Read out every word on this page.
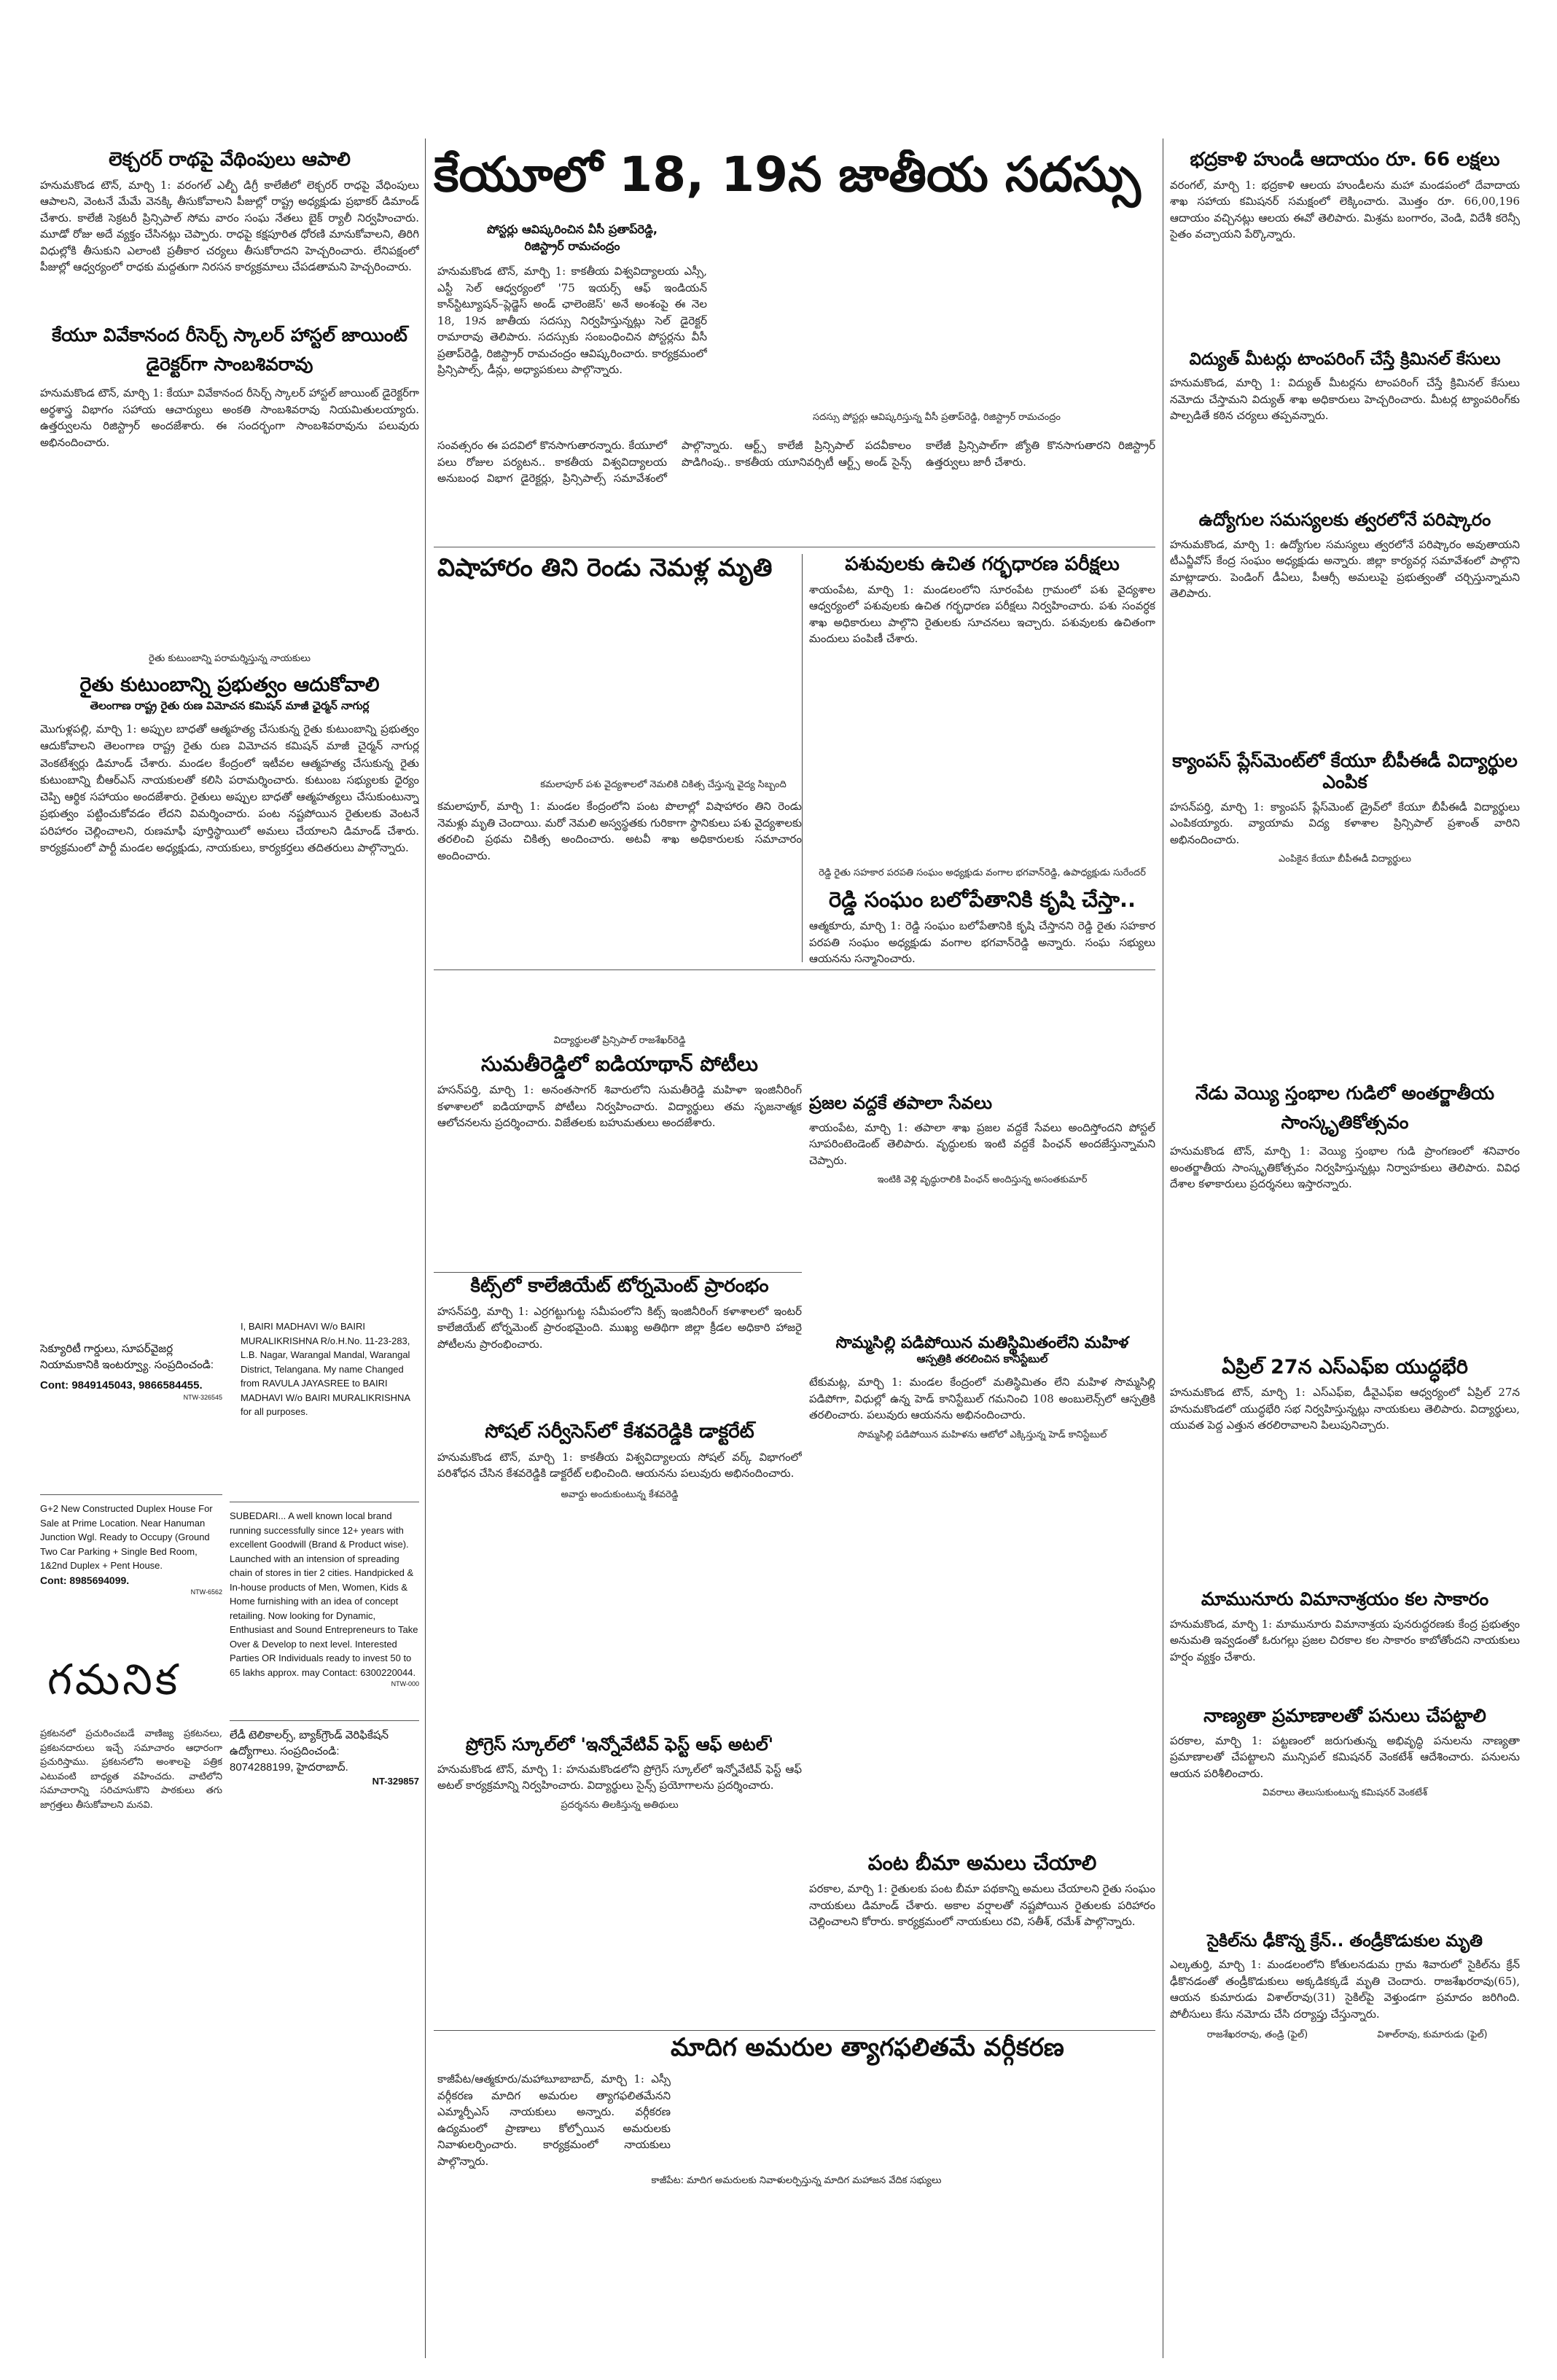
లెక్చరర్ రాథపై వేథింపులు ఆపాలి
హనుమకొండ టౌన్, మార్చి 1: వరంగల్ ఎల్బీ డిగ్రీ కాలేజీలో లెక్చరర్ రాధపై వేధింపులు ఆపాలని, వెంటనే మేమే వెనక్కి తీసుకోవాలని పీజుల్లో రాష్ట్ర అధ్యక్షుడు ప్రభాకర్ డిమాండ్ చేశారు. కాలేజీ సెక్రటరీ ప్రిన్సిపాల్ సోమ వారం సంఘ నేతలు బైక్ ర్యాలీ నిర్వహించారు. మూడో రోజు అదే వ్యక్తం చేసినట్లు చెప్పారు. రాధపై కక్షపూరిత ధోరణి మానుకోవాలని, తిరిగి విధుల్లోకి తీసుకుని ఎలాంటి ప్రతీకార చర్యలు తీసుకోరాదని హెచ్చరించారు. లేనిపక్షంలో పీజుల్లో ఆధ్వర్యంలో రాధకు మద్దతుగా నిరసన కార్యక్రమాలు చేపడతామని హెచ్చరించారు.
కేయూ వివేకానంద రీసెర్చ్ స్కాలర్ హాస్టల్ జాయింట్ డైరెక్టర్‌గా సాంబశివరావు
హనుమకొండ టౌన్, మార్చి 1: కేయూ వివేకానంద రీసెర్చ్ స్కాలర్ హాస్టల్ జాయింట్ డైరెక్టర్‌గా అర్థశాస్త్ర విభాగం సహాయ ఆచార్యులు అంకతి సాంబశివరావు నియమితులయ్యారు. ఉత్తర్వులను రిజిస్ట్రార్ అందజేశారు. ఈ సందర్భంగా సాంబశివరావును పలువురు అభినందించారు.
రైతు కుటుంబాన్ని పరామర్శిస్తున్న నాయకులు
రైతు కుటుంబాన్ని ప్రభుత్వం ఆదుకోవాలి
తెలంగాణ రాష్ట్ర రైతు రుణ విమోచన కమిషన్ మాజీ ఛైర్మన్ నాగుర్ల
మొగుళ్లపల్లి, మార్చి 1: అప్పుల బాధతో ఆత్మహత్య చేసుకున్న రైతు కుటుంబాన్ని ప్రభుత్వం ఆదుకోవాలని తెలంగాణ రాష్ట్ర రైతు రుణ విమోచన కమిషన్ మాజీ చైర్మన్ నాగుర్ల వెంకటేశ్వర్లు డిమాండ్ చేశారు. మండల కేంద్రంలో ఇటీవల ఆత్మహత్య చేసుకున్న రైతు కుటుంబాన్ని బీఆర్ఎస్ నాయకులతో కలిసి పరామర్శించారు. కుటుంబ సభ్యులకు ధైర్యం చెప్పి ఆర్థిక సహాయం అందజేశారు. రైతులు అప్పుల బాధతో ఆత్మహత్యలు చేసుకుంటున్నా ప్రభుత్వం పట్టించుకోవడం లేదని విమర్శించారు. పంట నష్టపోయిన రైతులకు వెంటనే పరిహారం చెల్లించాలని, రుణమాఫీ పూర్తిస్థాయిలో అమలు చేయాలని డిమాండ్ చేశారు. కార్యక్రమంలో పార్టీ మండల అధ్యక్షుడు, నాయకులు, కార్యకర్తలు తదితరులు పాల్గొన్నారు.
సెక్యూరిటీ గార్డులు, సూపర్‌వైజర్ల నియామకానికి ఇంటర్వ్యూ. సంప్రదించండి:
Cont: 9849145043, 9866584455.
NTW-326545
G+2 New Constructed Duplex House For Sale at Prime Location. Near Hanuman Junction Wgl. Ready to Occupy (Ground Two Car Parking + Single Bed Room, 1&2nd Duplex + Pent House.
Cont: 8985694099.
NTW-6562
గమనిక
ప్రకటనలో ప్రచురించబడే వాణిజ్య ప్రకటనలు, ప్రకటనదారులు ఇచ్చే సమాచారం ఆధారంగా ప్రచురిస్తాము. ప్రకటనలోని అంశాలపై పత్రిక ఎటువంటి బాధ్యత వహించదు. వాటిలోని సమాచారాన్ని సరిచూసుకొని పాఠకులు తగు జాగ్రత్తలు తీసుకోవాలని మనవి.
I, BAIRI MADHAVI W/o BAIRI MURALIKRISHNA R/o.H.No. 11-23-283, L.B. Nagar, Warangal Mandal, Warangal District, Telangana. My name Changed from RAVULA JAYASREE to BAIRI MADHAVI W/o BAIRI MURALIKRISHNA for all purposes.
SUBEDARI... A well known local brand running successfully since 12+ years with excellent Goodwill (Brand & Product wise). Launched with an intension of spreading chain of stores in tier 2 cities. Handpicked & In-house products of Men, Women, Kids & Home furnishing with an idea of concept retailing. Now looking for Dynamic, Enthusiast and Sound Entrepreneurs to Take Over & Develop to next level. Interested Parties OR Individuals ready to invest 50 to 65 lakhs approx. may Contact: 6300220044.
NTW-000
లేడీ టెలికాలర్స్, బ్యాక్‌గ్రౌండ్ వెరిఫికేషన్ ఉద్యోగాలు. సంప్రదించండి:
8074288199, హైదరాబాద్.
NT-329857
కేయూలో 18, 19న జాతీయ సదస్సు
పోస్టర్లు ఆవిష్కరించిన వీసీ ప్రతాప్‌రెడ్డి,
రిజిస్ట్రార్ రామచంద్రం
హనుమకొండ టౌన్, మార్చి 1: కాకతీయ విశ్వవిద్యాలయ ఎస్సీ, ఎస్టీ సెల్ ఆధ్వర్యంలో '75 ఇయర్స్ ఆఫ్ ఇండియన్ కాన్‌స్టిట్యూషన్–ప్లెడ్జెస్ అండ్ ఛాలెంజెస్' అనే అంశంపై ఈ నెల 18, 19న జాతీయ సదస్సు నిర్వహిస్తున్నట్లు సెల్ డైరెక్టర్ రామారావు తెలిపారు. సదస్సుకు సంబంధించిన పోస్టర్లను వీసీ ప్రతాప్‌రెడ్డి, రిజిస్ట్రార్ రామచంద్రం ఆవిష్కరించారు. కార్యక్రమంలో ప్రిన్సిపాల్స్, డీన్లు, అధ్యాపకులు పాల్గొన్నారు.
సదస్సు పోస్టర్లు ఆవిష్కరిస్తున్న వీసీ ప్రతాప్‌రెడ్డి, రిజిస్ట్రార్ రామచంద్రం
సంవత్సరం ఈ పదవిలో కొనసాగుతారన్నారు. కేయూలో పలు రోజుల పర్యటన.. కాకతీయ విశ్వవిద్యాలయ అనుబంధ విభాగ డైరెక్టర్లు, ప్రిన్సిపాల్స్ సమావేశంలో పాల్గొన్నారు. ఆర్ట్స్ కాలేజీ ప్రిన్సిపాల్ పదవీకాలం పొడిగింపు.. కాకతీయ యూనివర్సిటీ ఆర్ట్స్ అండ్ సైన్స్ కాలేజీ ప్రిన్సిపాల్‌గా జ్యోతి కొనసాగుతారని రిజిస్ట్రార్ ఉత్తర్వులు జారీ చేశారు.
విషాహారం తిని రెండు నెమళ్ల మృతి
కమలాపూర్ పశు వైద్యశాలలో నెమలికి చికిత్స చేస్తున్న వైద్య సిబ్బంది
కమలాపూర్, మార్చి 1: మండల కేంద్రంలోని పంట పొలాల్లో విషాహారం తిని రెండు నెమళ్లు మృతి చెందాయి. మరో నెమలి అస్వస్థతకు గురికాగా స్థానికులు పశు వైద్యశాలకు తరలించి ప్రథమ చికిత్స అందించారు. అటవీ శాఖ అధికారులకు సమాచారం అందించారు.
పశువులకు ఉచిత గర్భధారణ పరీక్షలు
శాయంపేట, మార్చి 1: మండలంలోని సూరంపేట గ్రామంలో పశు వైద్యశాల ఆధ్వర్యంలో పశువులకు ఉచిత గర్భధారణ పరీక్షలు నిర్వహించారు. పశు సంవర్ధక శాఖ అధికారులు పాల్గొని రైతులకు సూచనలు ఇచ్చారు. పశువులకు ఉచితంగా మందులు పంపిణీ చేశారు.
రెడ్డి రైతు సహకార పరపతి సంఘం అధ్యక్షుడు వంగాల భగవాన్‌రెడ్డి, ఉపాధ్యక్షుడు సురేందర్
రెడ్డి సంఘం బలోపేతానికి కృషి చేస్తా..
ఆత్మకూరు, మార్చి 1: రెడ్డి సంఘం బలోపేతానికి కృషి చేస్తానని రెడ్డి రైతు సహకార పరపతి సంఘం అధ్యక్షుడు వంగాల భగవాన్‌రెడ్డి అన్నారు. సంఘ సభ్యులు ఆయనను సన్మానించారు.
విద్యార్థులతో ప్రిన్సిపాల్ రాజశేఖర్‌రెడ్డి
సుమతీరెడ్డిలో ఐడియాథాన్ పోటీలు
హసన్‌పర్తి, మార్చి 1: అనంతసాగర్ శివారులోని సుమతీరెడ్డి మహిళా ఇంజినీరింగ్ కళాశాలలో ఐడియాథాన్ పోటీలు నిర్వహించారు. విద్యార్థులు తమ సృజనాత్మక ఆలోచనలను ప్రదర్శించారు. విజేతలకు బహుమతులు అందజేశారు.
ప్రజల వద్దకే తపాలా సేవలు
శాయంపేట, మార్చి 1: తపాలా శాఖ ప్రజల వద్దకే సేవలు అందిస్తోందని పోస్టల్ సూపరింటెండెంట్ తెలిపారు. వృద్ధులకు ఇంటి వద్దకే పింఛన్ అందజేస్తున్నామని చెప్పారు.
ఇంటికి వెళ్లి వృద్ధురాలికి పింఛన్ అందిస్తున్న అసంతకుమార్
కిట్స్‌లో కాలేజియేట్ టోర్నమెంట్ ప్రారంభం
హసన్‌పర్తి, మార్చి 1: ఎర్రగట్టుగుట్ట సమీపంలోని కిట్స్ ఇంజినీరింగ్ కళాశాలలో ఇంటర్ కాలేజియేట్ టోర్నమెంట్ ప్రారంభమైంది. ముఖ్య అతిథిగా జిల్లా క్రీడల అధికారి హాజరై పోటీలను ప్రారంభించారు.
సోషల్ సర్వీసెస్‌లో కేశవరెడ్డికి డాక్టరేట్
హనుమకొండ టౌన్, మార్చి 1: కాకతీయ విశ్వవిద్యాలయ సోషల్ వర్క్ విభాగంలో పరిశోధన చేసిన కేశవరెడ్డికి డాక్టరేట్ లభించింది. ఆయనను పలువురు అభినందించారు.
అవార్డు అందుకుంటున్న కేశవరెడ్డి
సొమ్మసిల్లి పడిపోయిన మతిస్థిమితంలేని మహిళ
ఆస్పత్రికి తరలించిన కానిస్టేబుల్
టేకుమట్ల, మార్చి 1: మండల కేంద్రంలో మతిస్థిమితం లేని మహిళ సొమ్మసిల్లి పడిపోగా, విధుల్లో ఉన్న హెడ్ కానిస్టేబుల్ గమనించి 108 అంబులెన్స్‌లో ఆస్పత్రికి తరలించారు. పలువురు ఆయనను అభినందించారు.
సొమ్మసిల్లి పడిపోయిన మహిళను ఆటోలో ఎక్కిస్తున్న హెడ్ కానిస్టేబుల్
ప్రోగ్రెస్ స్కూల్‌లో 'ఇన్నోవేటివ్ ఫెస్ట్ ఆఫ్ అటల్'
హనుమకొండ టౌన్, మార్చి 1: హనుమకొండలోని ప్రోగ్రెస్ స్కూల్‌లో ఇన్నోవేటివ్ ఫెస్ట్ ఆఫ్ అటల్ కార్యక్రమాన్ని నిర్వహించారు. విద్యార్థులు సైన్స్ ప్రయోగాలను ప్రదర్శించారు.
ప్రదర్శనను తిలకిస్తున్న అతిథులు
పంట బీమా అమలు చేయాలి
పరకాల, మార్చి 1: రైతులకు పంట బీమా పథకాన్ని అమలు చేయాలని రైతు సంఘం నాయకులు డిమాండ్ చేశారు. అకాల వర్షాలతో నష్టపోయిన రైతులకు పరిహారం చెల్లించాలని కోరారు. కార్యక్రమంలో నాయకులు రవి, సతీశ్, రమేశ్ పాల్గొన్నారు.
మాదిగ అమరుల త్యాగఫలితమే వర్గీకరణ
కాజీపేట/ఆత్మకూరు/మహాబూబాబాద్, మార్చి 1: ఎస్సీ వర్గీకరణ మాదిగ అమరుల త్యాగఫలితమేనని ఎమ్మార్పీఎస్ నాయకులు అన్నారు. వర్గీకరణ ఉద్యమంలో ప్రాణాలు కోల్పోయిన అమరులకు నివాళులర్పించారు. కార్యక్రమంలో నాయకులు పాల్గొన్నారు.
కాజీపేట: మాదిగ అమరులకు నివాళులర్పిస్తున్న మాదిగ మహాజన వేదిక సభ్యులు
భద్రకాళి హుండీ ఆదాయం రూ. 66 లక్షలు
వరంగల్, మార్చి 1: భద్రకాళి ఆలయ హుండీలను మహా మండపంలో దేవాదాయ శాఖ సహాయ కమిషనర్ సమక్షంలో లెక్కించారు. మొత్తం రూ. 66,00,196 ఆదాయం వచ్చినట్లు ఆలయ ఈవో తెలిపారు. మిశ్రమ బంగారం, వెండి, విదేశీ కరెన్సీ సైతం వచ్చాయని పేర్కొన్నారు.
విద్యుత్ మీటర్లు టాంపరింగ్ చేస్తే క్రిమినల్ కేసులు
హనుమకొండ, మార్చి 1: విద్యుత్ మీటర్లను టాంపరింగ్ చేస్తే క్రిమినల్ కేసులు నమోదు చేస్తామని విద్యుత్ శాఖ అధికారులు హెచ్చరించారు. మీటర్ల ట్యాంపరింగ్‌కు పాల్పడితే కఠిన చర్యలు తప్పవన్నారు.
ఉద్యోగుల సమస్యలకు త్వరలోనే పరిష్కారం
హనుమకొండ, మార్చి 1: ఉద్యోగుల సమస్యలు త్వరలోనే పరిష్కారం అవుతాయని టీఎన్జీవోస్ కేంద్ర సంఘం అధ్యక్షుడు అన్నారు. జిల్లా కార్యవర్గ సమావేశంలో పాల్గొని మాట్లాడారు. పెండింగ్ డీఏలు, పీఆర్సీ అమలుపై ప్రభుత్వంతో చర్చిస్తున్నామని తెలిపారు.
క్యాంపస్ ప్లేస్‌మెంట్‌లో కేయూ బీపీఈడీ విద్యార్థుల ఎంపిక
హసన్‌పర్తి, మార్చి 1: క్యాంపస్ ప్లేస్‌మెంట్ డ్రైవ్‌లో కేయూ బీపీఈడీ విద్యార్థులు ఎంపికయ్యారు. వ్యాయామ విద్య కళాశాల ప్రిన్సిపాల్ ప్రశాంత్ వారిని అభినందించారు.
ఎంపికైన కేయూ బీపీఈడీ విద్యార్థులు
నేడు వెయ్యి స్తంభాల గుడిలో అంతర్జాతీయ సాంస్కృతికోత్సవం
హనుమకొండ టౌన్, మార్చి 1: వెయ్యి స్తంభాల గుడి ప్రాంగణంలో శనివారం అంతర్జాతీయ సాంస్కృతికోత్సవం నిర్వహిస్తున్నట్లు నిర్వాహకులు తెలిపారు. వివిధ దేశాల కళాకారులు ప్రదర్శనలు ఇస్తారన్నారు.
ఏప్రిల్ 27న ఎస్ఎఫ్ఐ యుద్ధభేరి
హనుమకొండ టౌన్, మార్చి 1: ఎస్ఎఫ్ఐ, డీవైఎఫ్ఐ ఆధ్వర్యంలో ఏప్రిల్ 27న హనుమకొండలో యుద్ధభేరి సభ నిర్వహిస్తున్నట్లు నాయకులు తెలిపారు. విద్యార్థులు, యువత పెద్ద ఎత్తున తరలిరావాలని పిలుపునిచ్చారు.
మామునూరు విమానాశ్రయం కల సాకారం
హనుమకొండ, మార్చి 1: మామునూరు విమానాశ్రయ పునరుద్ధరణకు కేంద్ర ప్రభుత్వం అనుమతి ఇవ్వడంతో ఓరుగల్లు ప్రజల చిరకాల కల సాకారం కాబోతోందని నాయకులు హర్షం వ్యక్తం చేశారు.
నాణ్యతా ప్రమాణాలతో పనులు చేపట్టాలి
పరకాల, మార్చి 1: పట్టణంలో జరుగుతున్న అభివృద్ధి పనులను నాణ్యతా ప్రమాణాలతో చేపట్టాలని మున్సిపల్ కమిషనర్ వెంకటేశ్ ఆదేశించారు. పనులను ఆయన పరిశీలించారు.
వివరాలు తెలుసుకుంటున్న కమిషనర్ వెంకటేశ్
సైకిల్‌ను ఢీకొన్న క్రేన్.. తండ్రీకొడుకుల మృతి
ఎల్కతుర్తి, మార్చి 1: మండలంలోని కోతులనడుమ గ్రామ శివారులో సైకిల్‌ను క్రేన్ ఢీకొనడంతో తండ్రీకొడుకులు అక్కడికక్కడే మృతి చెందారు. రాజశేఖరరావు(65), ఆయన కుమారుడు విశాల్‌రావు(31) సైకిల్‌పై వెళ్తుండగా ప్రమాదం జరిగింది. పోలీసులు కేసు నమోదు చేసి దర్యాప్తు చేస్తున్నారు.
రాజశేఖరరావు, తండ్రి (ఫైల్)	విశాల్‌రావు, కుమారుడు (ఫైల్)
